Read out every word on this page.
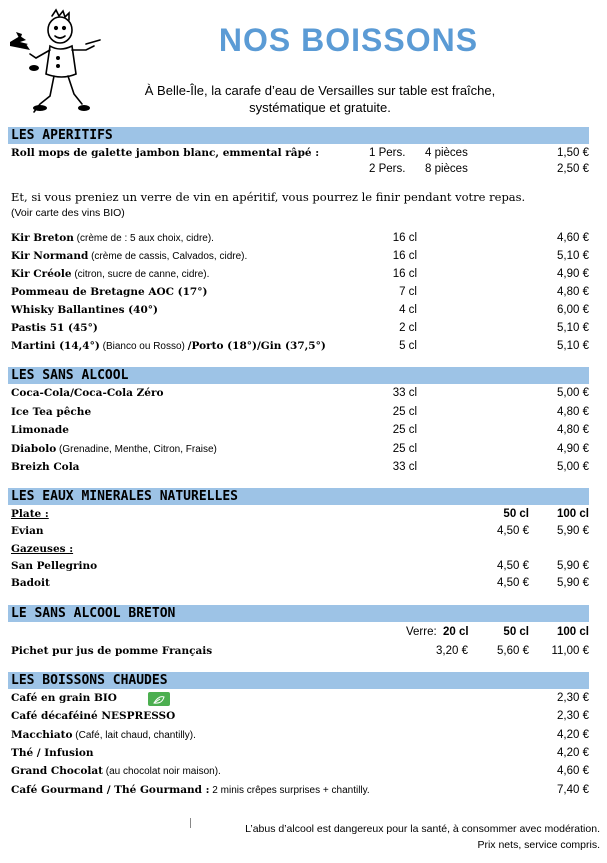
NOS BOISSONS
À Belle-Île, la carafe d’eau de Versailles sur table est fraîche,
systématique et gratuite.
LES APERITIFS
Roll mops de galette jambon blanc, emmental râpé :	1 Pers. 4 pièces	1,50 €
2 Pers. 8 pièces	2,50 €
Et, si vous preniez un verre de vin en apéritif, vous pourrez le finir pendant votre repas.
(Voir carte des vins BIO)
Kir Breton (crème de : 5 aux choix, cidre).	16 cl	4,60 €
Kir Normand (crème de cassis, Calvados, cidre).	16 cl	5,10 €
Kir Créole (citron, sucre de canne, cidre).	16 cl	4,90 €
Pommeau de Bretagne AOC (17°)	7 cl	4,80 €
Whisky Ballantines (40°)	4 cl	6,00 €
Pastis 51 (45°)	2 cl	5,10 €
Martini (14,4°) (Bianco ou Rosso) /Porto (18°)/Gin (37,5°)	5 cl	5,10 €
LES SANS ALCOOL
Coca-Cola/Coca-Cola Zéro	33 cl	5,00 €
Ice Tea pêche	25 cl	4,80 €
Limonade	25 cl	4,80 €
Diabolo (Grenadine, Menthe, Citron, Fraise)	25 cl	4,90 €
Breizh Cola	33 cl	5,00 €
LES EAUX MINERALES NATURELLES
Plate :	50 cl 100 cl
Evian	4,50 € 5,90 €
Gazeuses :
San Pellegrino	4,50 € 5,90 €
Badoit	4,50 € 5,90 €
LE SANS ALCOOL BRETON
Verre: 20 cl	50 cl 100 cl
Pichet pur jus de pomme Français	3,20 €	5,60 € 11,00 €
LES BOISSONS CHAUDES
Café en grain BIO	2,30 €
Café décaféiné NESPRESSO	2,30 €
Macchiato (Café, lait chaud, chantilly).	4,20 €
Thé / Infusion	4,20 €
Grand Chocolat (au chocolat noir maison).	4,60 €
Café Gourmand / Thé Gourmand : 2 minis crêpes surprises + chantilly.	7,40 €
L’abus d’alcool est dangereux pour la santé, à consommer avec modération.
Prix nets, service compris.
